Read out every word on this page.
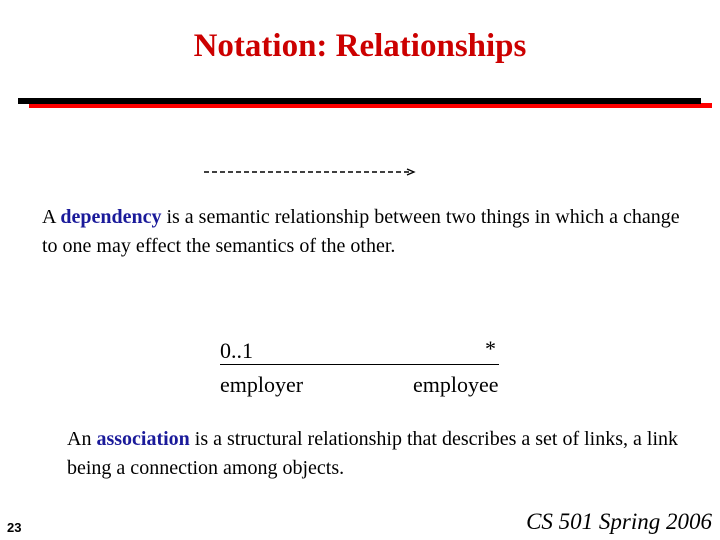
Notation: Relationships
A dependency is a semantic relationship between two things in which a change to one may effect the semantics of the other.
0..1	*
employer	employee
An association is a structural relationship that describes a set of links, a link being a connection among objects.
23	CS 501 Spring 2006
